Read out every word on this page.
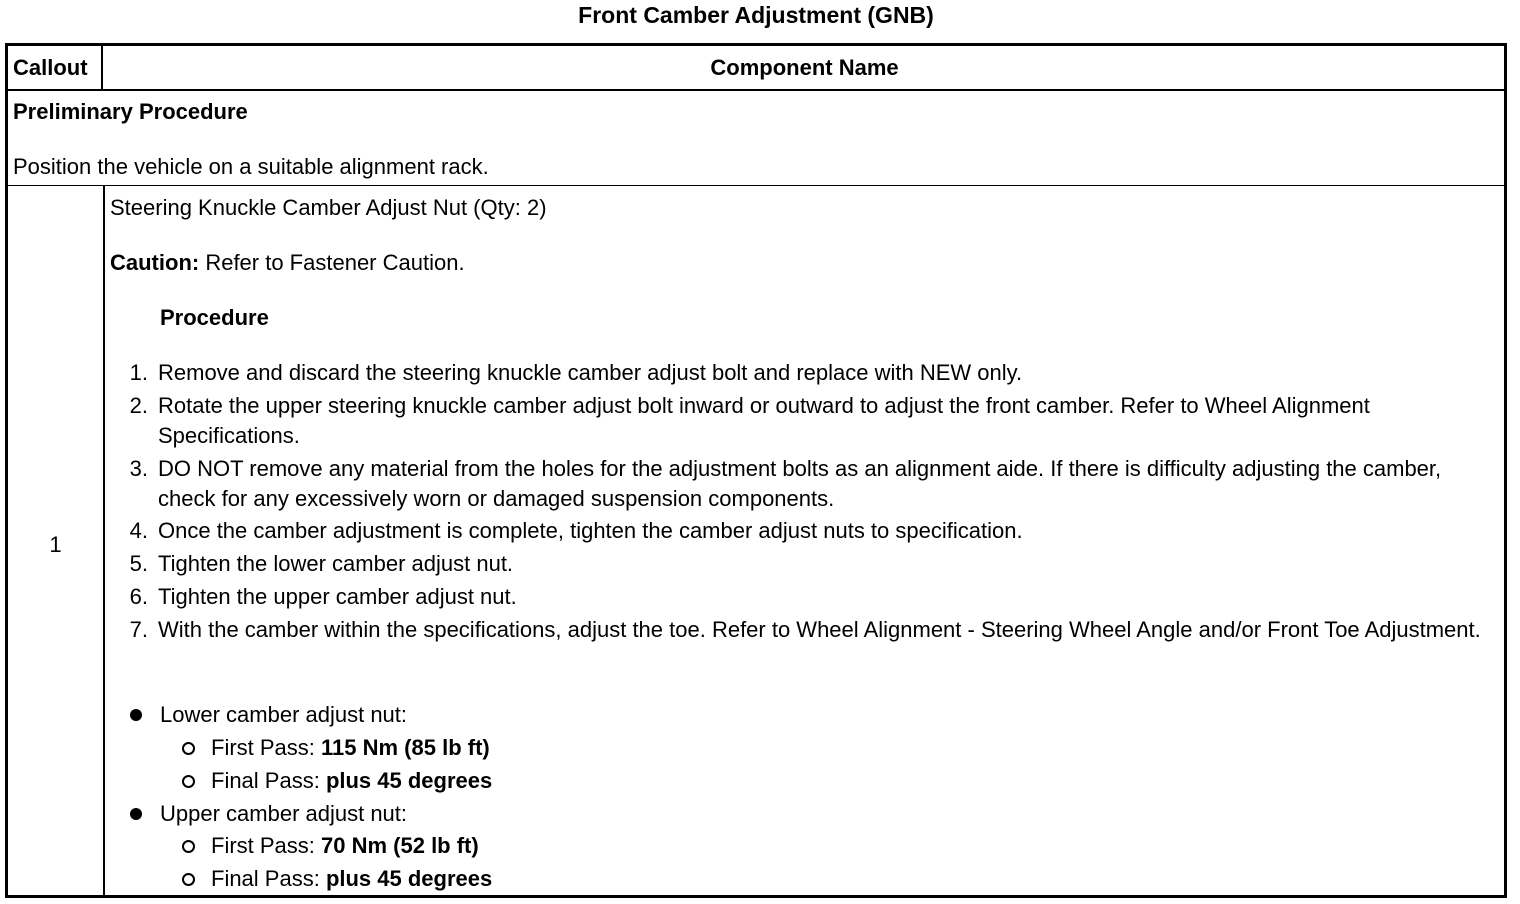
Front Camber Adjustment (GNB)
Callout	Component Name
Preliminary Procedure
Position the vehicle on a suitable alignment rack.
1
Steering Knuckle Camber Adjust Nut (Qty: 2)
Caution: Refer to Fastener Caution.
Procedure
1. Remove and discard the steering knuckle camber adjust bolt and replace with NEW only.
2. Rotate the upper steering knuckle camber adjust bolt inward or outward to adjust the front camber. Refer to Wheel Alignment Specifications.
3. DO NOT remove any material from the holes for the adjustment bolts as an alignment aide. If there is difficulty adjusting the camber, check for any excessively worn or damaged suspension components.
4. Once the camber adjustment is complete, tighten the camber adjust nuts to specification.
5. Tighten the lower camber adjust nut.
6. Tighten the upper camber adjust nut.
7. With the camber within the specifications, adjust the toe. Refer to Wheel Alignment - Steering Wheel Angle and/or Front Toe Adjustment.
Lower camber adjust nut:
First Pass: 115 Nm (85 lb ft)
Final Pass: plus 45 degrees
Upper camber adjust nut:
First Pass: 70 Nm (52 lb ft)
Final Pass: plus 45 degrees
